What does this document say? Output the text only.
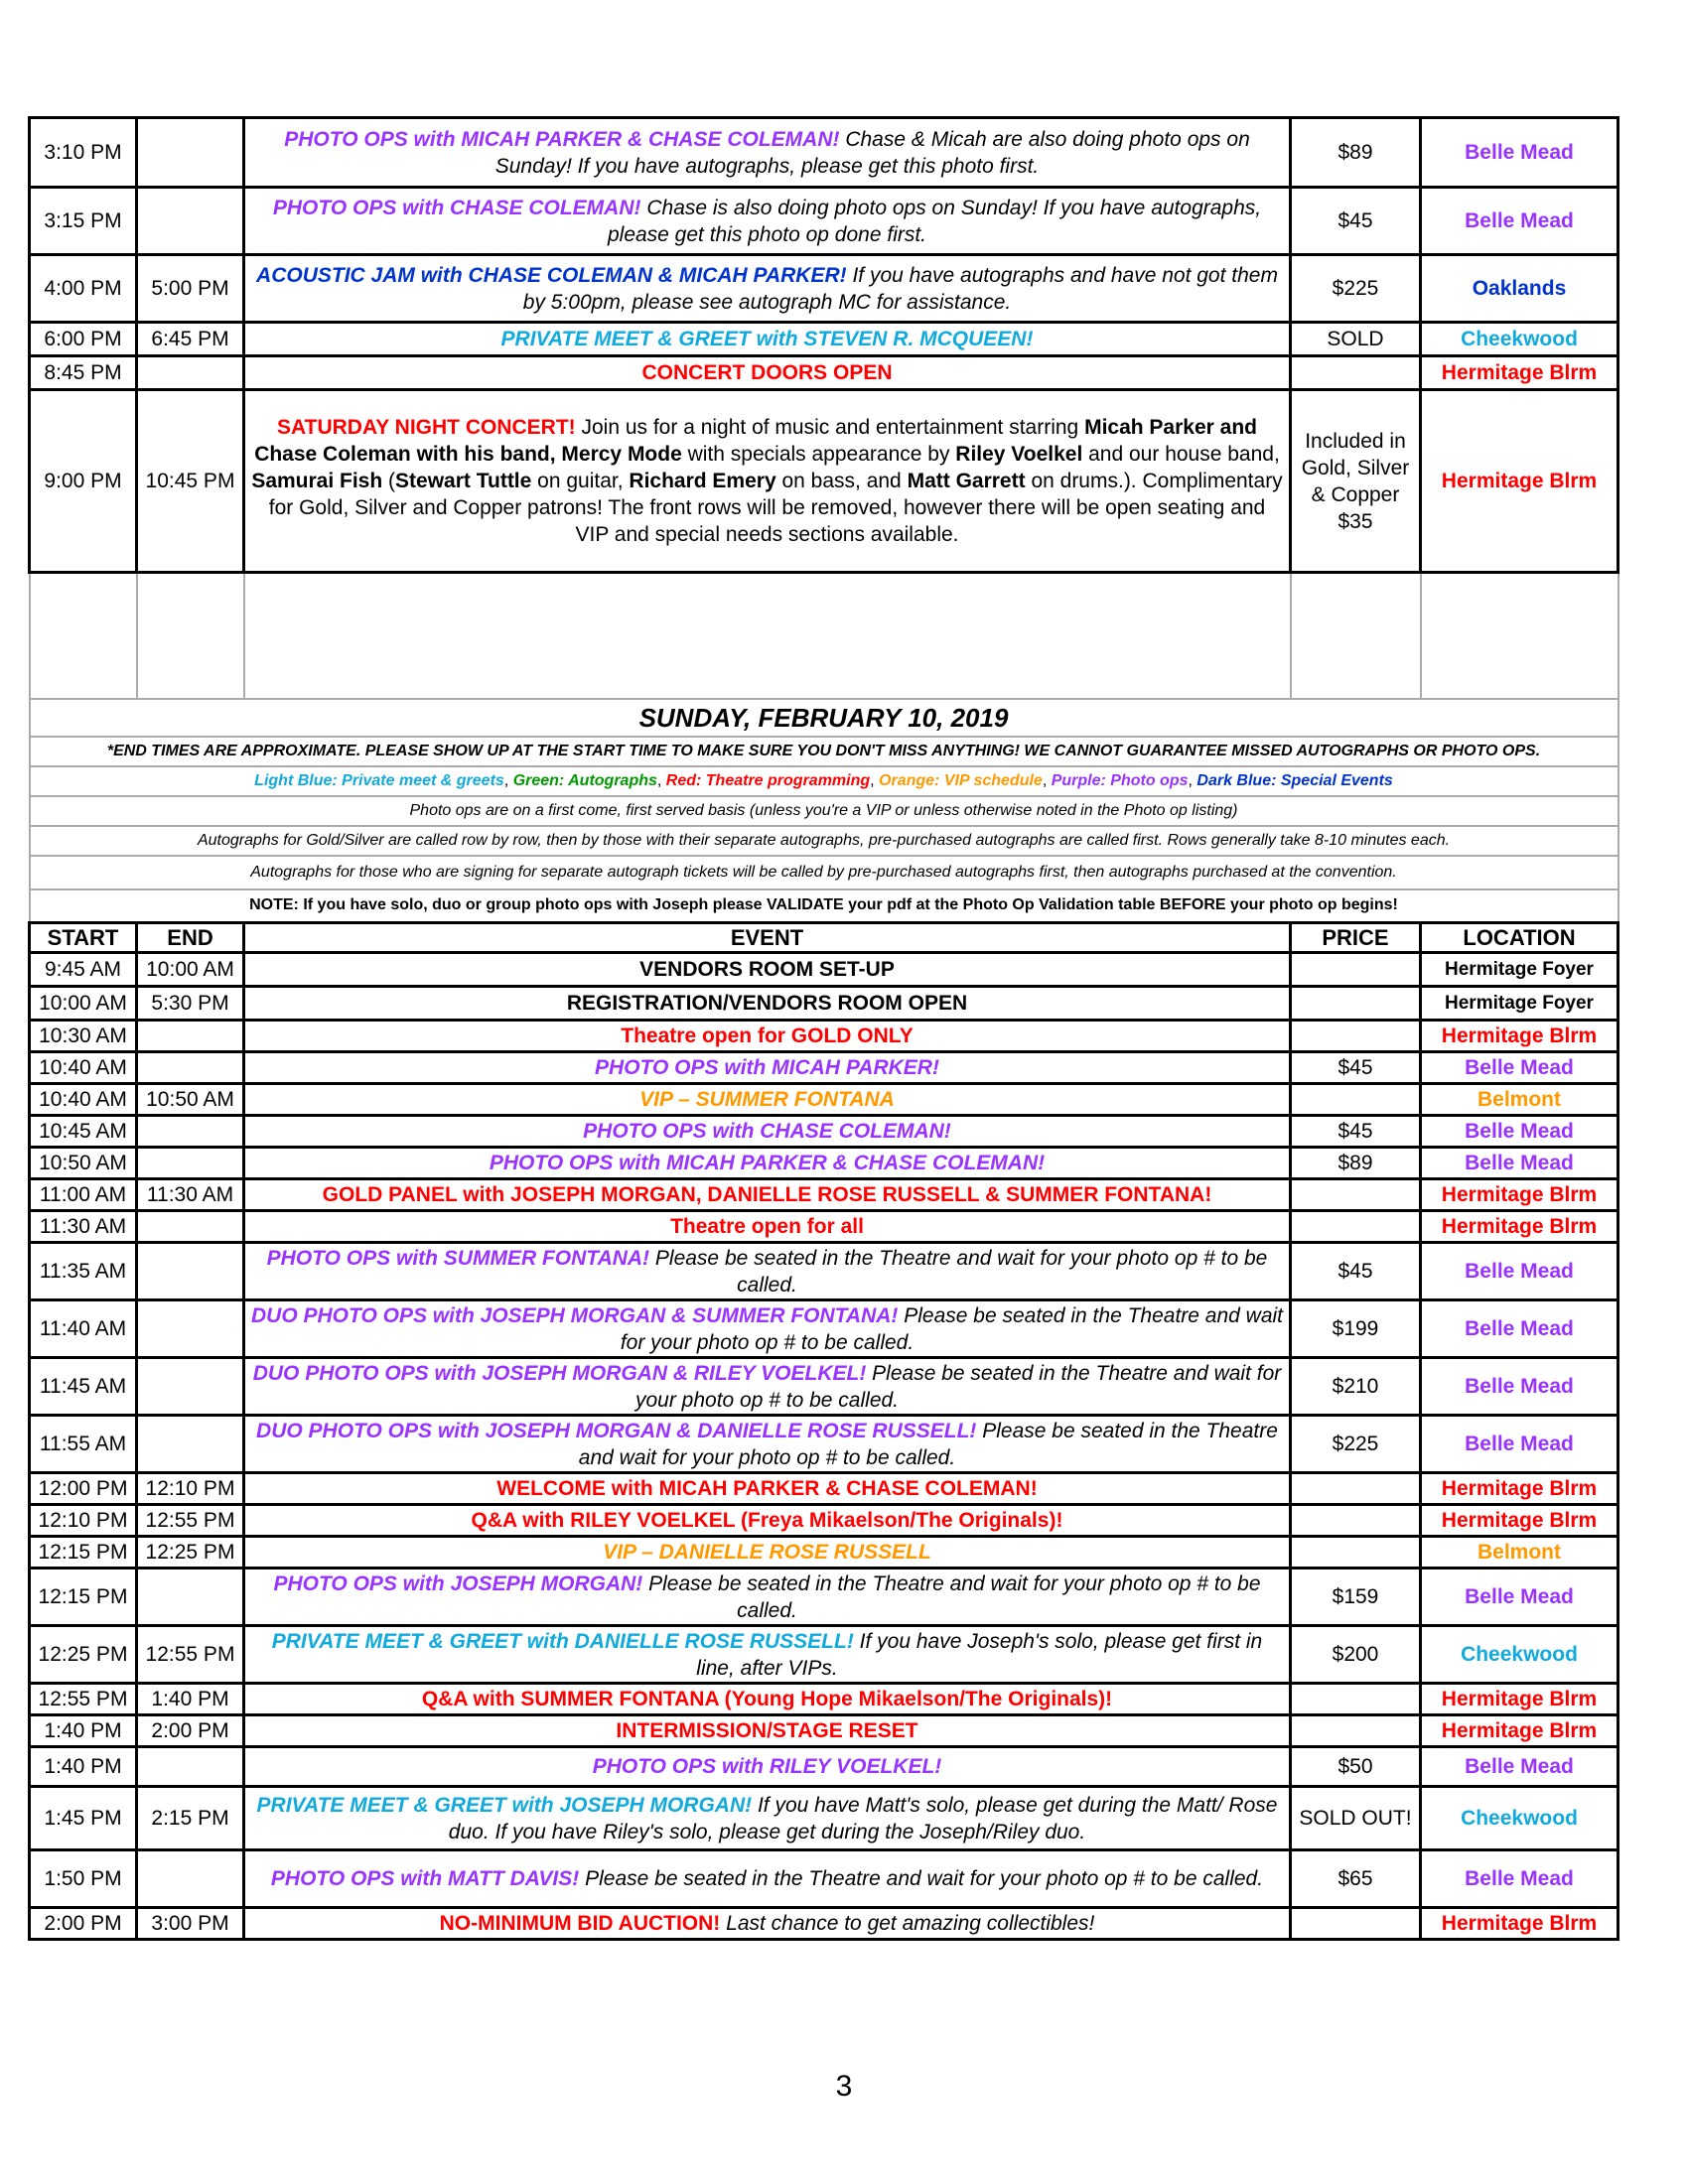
3:10 PM		PHOTO OPS with MICAH PARKER & CHASE COLEMAN! Chase & Micah are also doing photo ops on Sunday! If you have autographs, please get this photo first.	$89	Belle Mead
3:15 PM		PHOTO OPS with CHASE COLEMAN! Chase is also doing photo ops on Sunday! If you have autographs, please get this photo op done first.	$45	Belle Mead
4:00 PM	5:00 PM	ACOUSTIC JAM with CHASE COLEMAN & MICAH PARKER! If you have autographs and have not got them by 5:00pm, please see autograph MC for assistance.	$225	Oaklands
6:00 PM	6:45 PM	PRIVATE MEET & GREET with STEVEN R. MCQUEEN!	SOLD	Cheekwood
8:45 PM		CONCERT DOORS OPEN		Hermitage Blrm
9:00 PM	10:45 PM	SATURDAY NIGHT CONCERT! Join us for a night of music and entertainment starring Micah Parker and Chase Coleman with his band, Mercy Mode with specials appearance by Riley Voelkel and our house band, Samurai Fish (Stewart Tuttle on guitar, Richard Emery on bass, and Matt Garrett on drums.). Complimentary for Gold, Silver and Copper patrons! The front rows will be removed, however there will be open seating and VIP and special needs sections available.	Included in Gold, Silver & Copper $35	Hermitage Blrm

SUNDAY, FEBRUARY 10, 2019				
*END TIMES ARE APPROXIMATE. PLEASE SHOW UP AT THE START TIME TO MAKE SURE YOU DON'T MISS ANYTHING! WE CANNOT GUARANTEE MISSED AUTOGRAPHS OR PHOTO OPS.				
Light Blue: Private meet & greets, Green: Autographs, Red: Theatre programming, Orange: VIP schedule, Purple: Photo ops, Dark Blue: Special Events				
Photo ops are on a first come, first served basis (unless you're a VIP or unless otherwise noted in the Photo op listing)				
Autographs for Gold/Silver are called row by row, then by those with their separate autographs, pre-purchased autographs are called first. Rows generally take 8-10 minutes each.				
Autographs for those who are signing for separate autograph tickets will be called by pre-purchased autographs first, then autographs purchased at the convention.				
NOTE: If you have solo, duo or group photo ops with Joseph please VALIDATE your pdf at the Photo Op Validation table BEFORE your photo op begins!				
START	END	EVENT	PRICE	LOCATION
9:45 AM	10:00 AM	VENDORS ROOM SET-UP		Hermitage Foyer
10:00 AM	5:30 PM	REGISTRATION/VENDORS ROOM OPEN		Hermitage Foyer
10:30 AM		Theatre open for GOLD ONLY		Hermitage Blrm
10:40 AM		PHOTO OPS with MICAH PARKER!	$45	Belle Mead
10:40 AM	10:50 AM	VIP – SUMMER FONTANA		Belmont
10:45 AM		PHOTO OPS with CHASE COLEMAN!	$45	Belle Mead
10:50 AM		PHOTO OPS with MICAH PARKER & CHASE COLEMAN!	$89	Belle Mead
11:00 AM	11:30 AM	GOLD PANEL with JOSEPH MORGAN, DANIELLE ROSE RUSSELL & SUMMER FONTANA!		Hermitage Blrm
11:30 AM		Theatre open for all		Hermitage Blrm
11:35 AM		PHOTO OPS with SUMMER FONTANA! Please be seated in the Theatre and wait for your photo op # to be called.	$45	Belle Mead
11:40 AM		DUO PHOTO OPS with JOSEPH MORGAN & SUMMER FONTANA! Please be seated in the Theatre and wait for your photo op # to be called.	$199	Belle Mead
11:45 AM		DUO PHOTO OPS with JOSEPH MORGAN & RILEY VOELKEL! Please be seated in the Theatre and wait for your photo op # to be called.	$210	Belle Mead
11:55 AM		DUO PHOTO OPS with JOSEPH MORGAN & DANIELLE ROSE RUSSELL! Please be seated in the Theatre and wait for your photo op # to be called.	$225	Belle Mead
12:00 PM	12:10 PM	WELCOME with MICAH PARKER & CHASE COLEMAN!		Hermitage Blrm
12:10 PM	12:55 PM	Q&A with RILEY VOELKEL (Freya Mikaelson/The Originals)!		Hermitage Blrm
12:15 PM	12:25 PM	VIP – DANIELLE ROSE RUSSELL		Belmont
12:15 PM		PHOTO OPS with JOSEPH MORGAN! Please be seated in the Theatre and wait for your photo op # to be called.	$159	Belle Mead
12:25 PM	12:55 PM	PRIVATE MEET & GREET with DANIELLE ROSE RUSSELL! If you have Joseph's solo, please get first in line, after VIPs.	$200	Cheekwood
12:55 PM	1:40 PM	Q&A with SUMMER FONTANA (Young Hope Mikaelson/The Originals)!		Hermitage Blrm
1:40 PM	2:00 PM	INTERMISSION/STAGE RESET		Hermitage Blrm
1:40 PM		PHOTO OPS with RILEY VOELKEL!	$50	Belle Mead
1:45 PM	2:15 PM	PRIVATE MEET & GREET with JOSEPH MORGAN! If you have Matt's solo, please get during the Matt/ Rose duo. If you have Riley's solo, please get during the Joseph/Riley duo.	SOLD OUT!	Cheekwood
1:50 PM		PHOTO OPS with MATT DAVIS! Please be seated in the Theatre and wait for your photo op # to be called.	$65	Belle Mead
2:00 PM	3:00 PM	NO-MINIMUM BID AUCTION! Last chance to get amazing collectibles!		Hermitage Blrm
3
